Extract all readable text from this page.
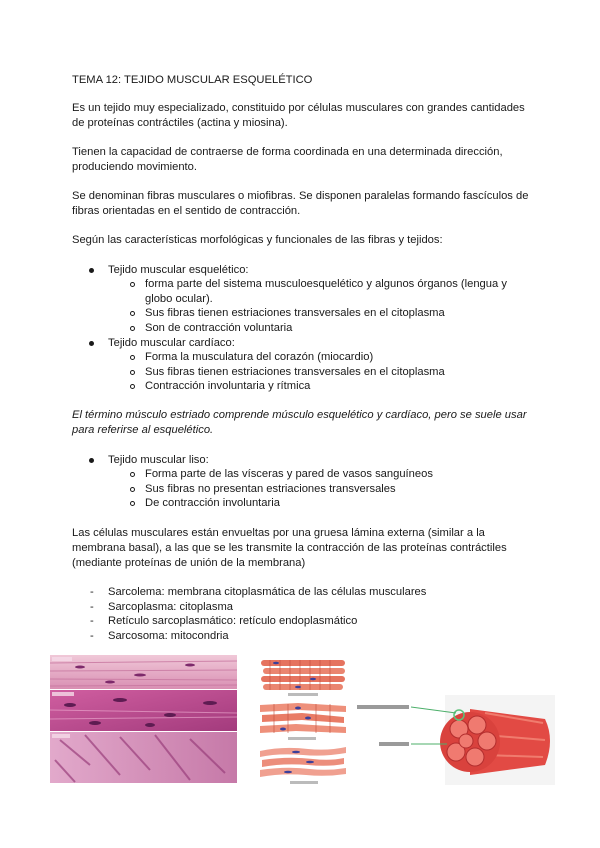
TEMA 12: TEJIDO MUSCULAR ESQUELÉTICO
Es un tejido muy especializado, constituido por células musculares con grandes cantidades
de proteínas contráctiles (actina y miosina).
Tienen la capacidad de contraerse de forma coordinada en una determinada dirección,
produciendo movimiento.
Se denominan fibras musculares o miofibras. Se disponen paralelas formando fascículos de
fibras orientadas en el sentido de contracción.
Según las características morfológicas y funcionales de las fibras y tejidos:
Tejido muscular esquelético:
forma parte del sistema musculoesquelético y algunos órganos (lengua y
globo ocular).
Sus fibras tienen estriaciones transversales en el citoplasma
Son de contracción voluntaria
Tejido muscular cardíaco:
Forma la musculatura del corazón (miocardio)
Sus fibras tienen estriaciones transversales en el citoplasma
Contracción involuntaria y rítmica
El término músculo estriado comprende músculo esquelético y cardíaco, pero se suele usar
para referirse al esquelético.
Tejido muscular liso:
Forma parte de las vísceras y pared de vasos sanguíneos
Sus fibras no presentan estriaciones transversales
De contracción involuntaria
Las células musculares están envueltas por una gruesa lámina externa (similar a la
membrana basal), a las que se les transmite la contracción de las proteínas contráctiles
(mediante proteínas de unión de la membrana)
- Sarcolema: membrana citoplasmática de las células musculares
- Sarcoplasma: citoplasma
- Retículo sarcoplasmático: retículo endoplasmático
- Sarcosoma: mitocondria
